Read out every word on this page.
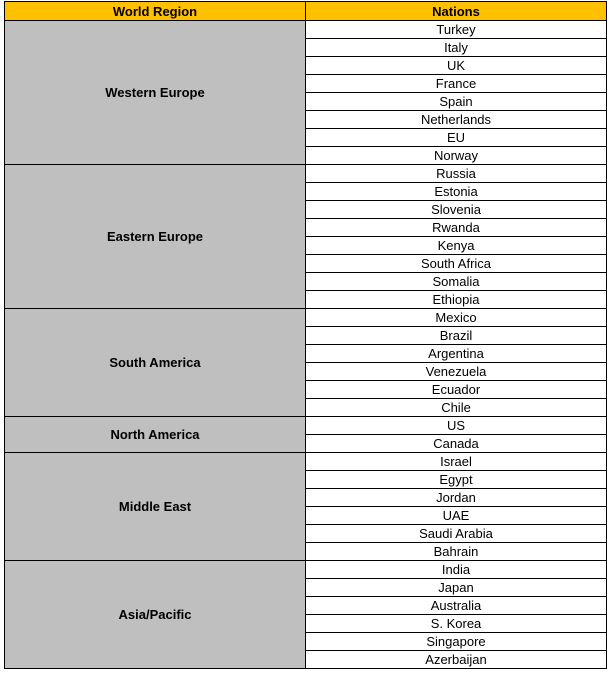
World Region	Nations
Western Europe	Turkey
	Italy
	UK
	France
	Spain
	Netherlands
	EU
	Norway
Eastern Europe	Russia
	Estonia
	Slovenia
	Rwanda
	Kenya
	South Africa
	Somalia
	Ethiopia
South America	Mexico
	Brazil
	Argentina
	Venezuela
	Ecuador
	Chile
North America	US
	Canada
Middle East	Israel
	Egypt
	Jordan
	UAE
	Saudi Arabia
	Bahrain
Asia/Pacific	India
	Japan
	Australia
	S. Korea
	Singapore
	Azerbaijan
